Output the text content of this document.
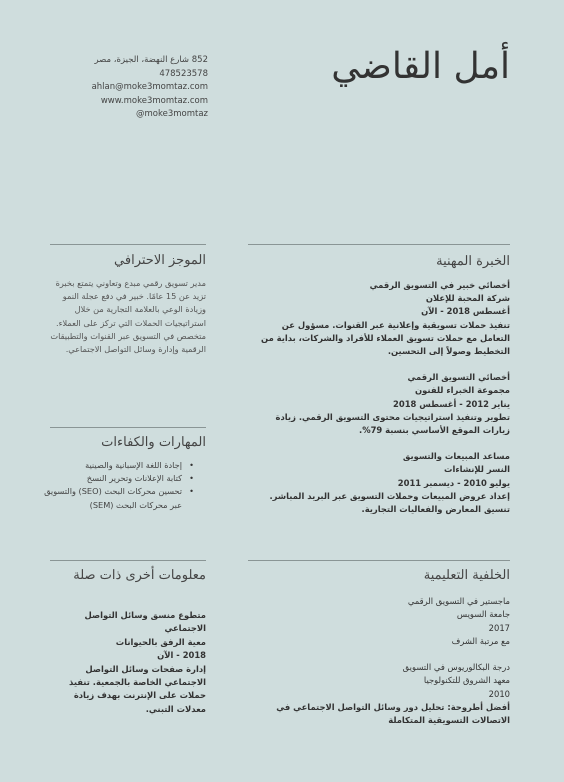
أمل القاضي
852 شارع النهضة، الجيزة، مصر
478523578
ahlan@moke3momtaz.com
www.moke3momtaz.com
moke3momtaz@
الخبرة المهنية
أخصائي خبير في التسويق الرقمي
شركة المحبة للإعلان
أغسطس 2018 - الآن
تنفيذ حملات تسويقية وإعلانية عبر القنوات. مسؤول عن
التعامل مع حملات تسويق العملاء للأفراد والشركات، بداية من
التخطيط وصولاً إلى التحسين.
أخصائي التسويق الرقمي
مجموعة الخبراء للفنون
يناير 2012 - أغسطس 2018
تطوير وتنفيذ استراتيجيات محتوى التسويق الرقمي. زيادة
زيارات الموقع الأساسي بنسبة 79%.
مساعد المبيعات والتسويق
النسر للإنشاءات
يوليو 2010 - ديسمبر 2011
إعداد عروض المبيعات وحملات التسويق عبر البريد المباشر.
تنسيق المعارض والفعاليات التجارية.
الموجز الاحترافي
مدير تسويق رقمي مبدع وتعاوني يتمتع بخبرة تزيد عن 15 عامًا. خبير في دفع عجلة النمو وزيادة الوعي بالعلامة التجارية من خلال استراتيجيات الحملات التي تركز على العملاء. متخصص في التسويق عبر القنوات والتطبيقات الرقمية وإدارة وسائل التواصل الاجتماعي.
المهارات والكفاءات
• إجادة اللغة الإسبانية والصينية
• كتابة الإعلانات وتحرير النسخ
• تحسين محركات البحث (SEO) والتسويق عبر محركات البحث (SEM)
الخلفية التعليمية
ماجستير في التسويق الرقمي
جامعة السويس
2017
مع مرتبة الشرف
درجة البكالوريوس في التسويق
معهد الشروق للتكنولوجيا
2010
أفضل أطروحة: تحليل دور وسائل التواصل الاجتماعي في
الاتصالات التسويقية المتكاملة
معلومات أخرى ذات صلة
متطوع منسق وسائل التواصل
الاجتماعي
معية الرفق بالحيوانات
2018 - الآن
إدارة صفحات وسائل التواصل
الاجتماعي الخاصة بالجمعية. تنفيذ
حملات على الإنترنت بهدف زيادة
معدلات التبني.
